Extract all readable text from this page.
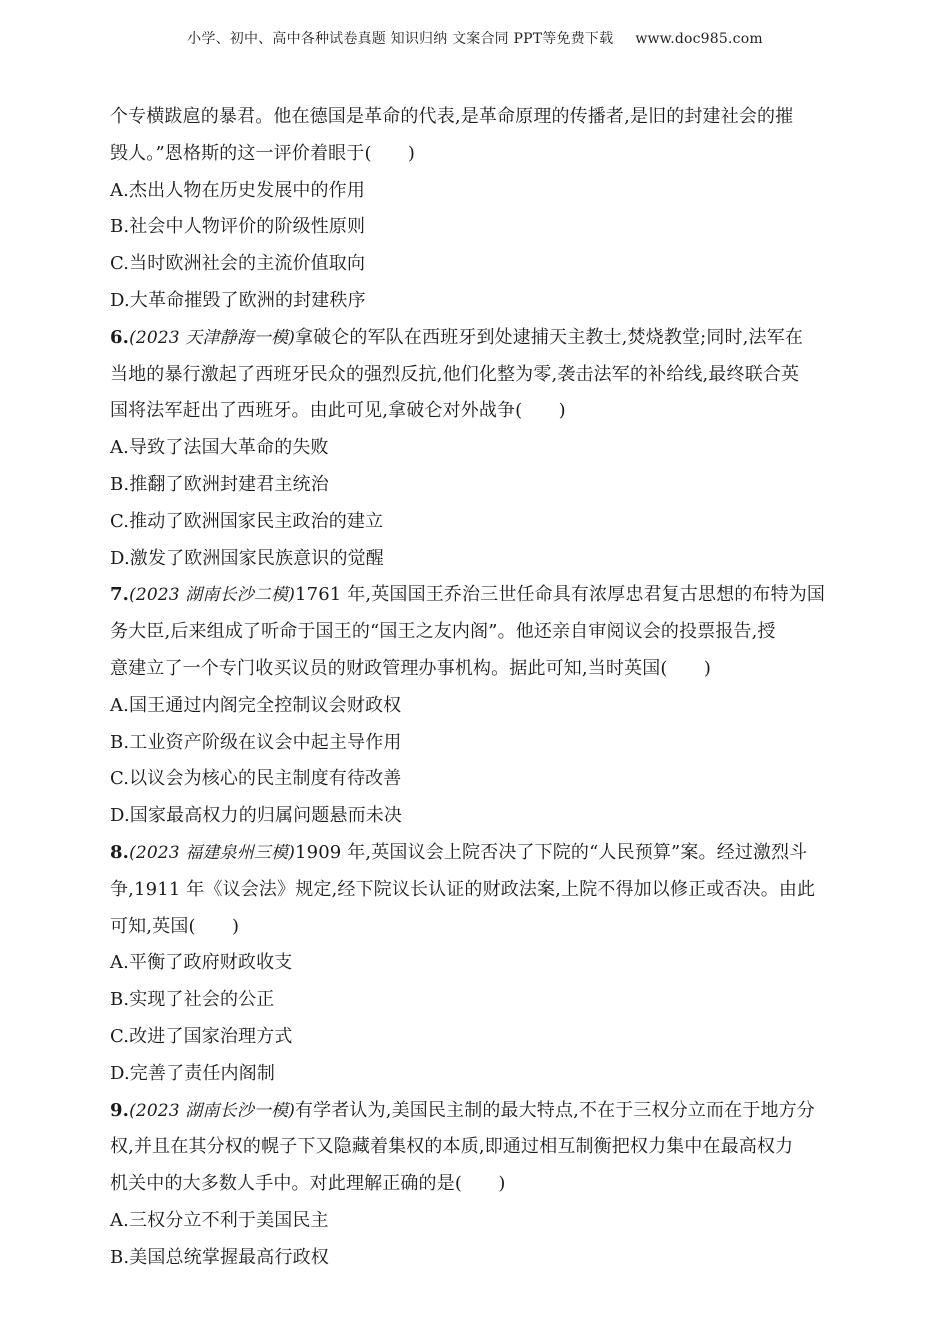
小学、初中、高中各种试卷真题 知识归纳 文案合同 PPT等免费下载 www.doc985.com
个专横跋扈的暴君。他在德国是革命的代表,是革命原理的传播者,是旧的封建社会的摧
毁人。”恩格斯的这一评价着眼于(　　)
A.杰出人物在历史发展中的作用
B.社会中人物评价的阶级性原则
C.当时欧洲社会的主流价值取向
D.大革命摧毁了欧洲的封建秩序
6.(2023 天津静海一模)拿破仑的军队在西班牙到处逮捕天主教士,焚烧教堂;同时,法军在
当地的暴行激起了西班牙民众的强烈反抗,他们化整为零,袭击法军的补给线,最终联合英
国将法军赶出了西班牙。由此可见,拿破仑对外战争(　　)
A.导致了法国大革命的失败
B.推翻了欧洲封建君主统治
C.推动了欧洲国家民主政治的建立
D.激发了欧洲国家民族意识的觉醒
7.(2023 湖南长沙二模)1761 年,英国国王乔治三世任命具有浓厚忠君复古思想的布特为国
务大臣,后来组成了听命于国王的“国王之友内阁”。他还亲自审阅议会的投票报告,授
意建立了一个专门收买议员的财政管理办事机构。据此可知,当时英国(　　)
A.国王通过内阁完全控制议会财政权
B.工业资产阶级在议会中起主导作用
C.以议会为核心的民主制度有待改善
D.国家最高权力的归属问题悬而未决
8.(2023 福建泉州三模)1909 年,英国议会上院否决了下院的“人民预算”案。经过激烈斗
争,1911 年《议会法》规定,经下院议长认证的财政法案,上院不得加以修正或否决。由此
可知,英国(　　)
A.平衡了政府财政收支
B.实现了社会的公正
C.改进了国家治理方式
D.完善了责任内阁制
9.(2023 湖南长沙一模)有学者认为,美国民主制的最大特点,不在于三权分立而在于地方分
权,并且在其分权的幌子下又隐藏着集权的本质,即通过相互制衡把权力集中在最高权力
机关中的大多数人手中。对此理解正确的是(　　)
A.三权分立不利于美国民主
B.美国总统掌握最高行政权
